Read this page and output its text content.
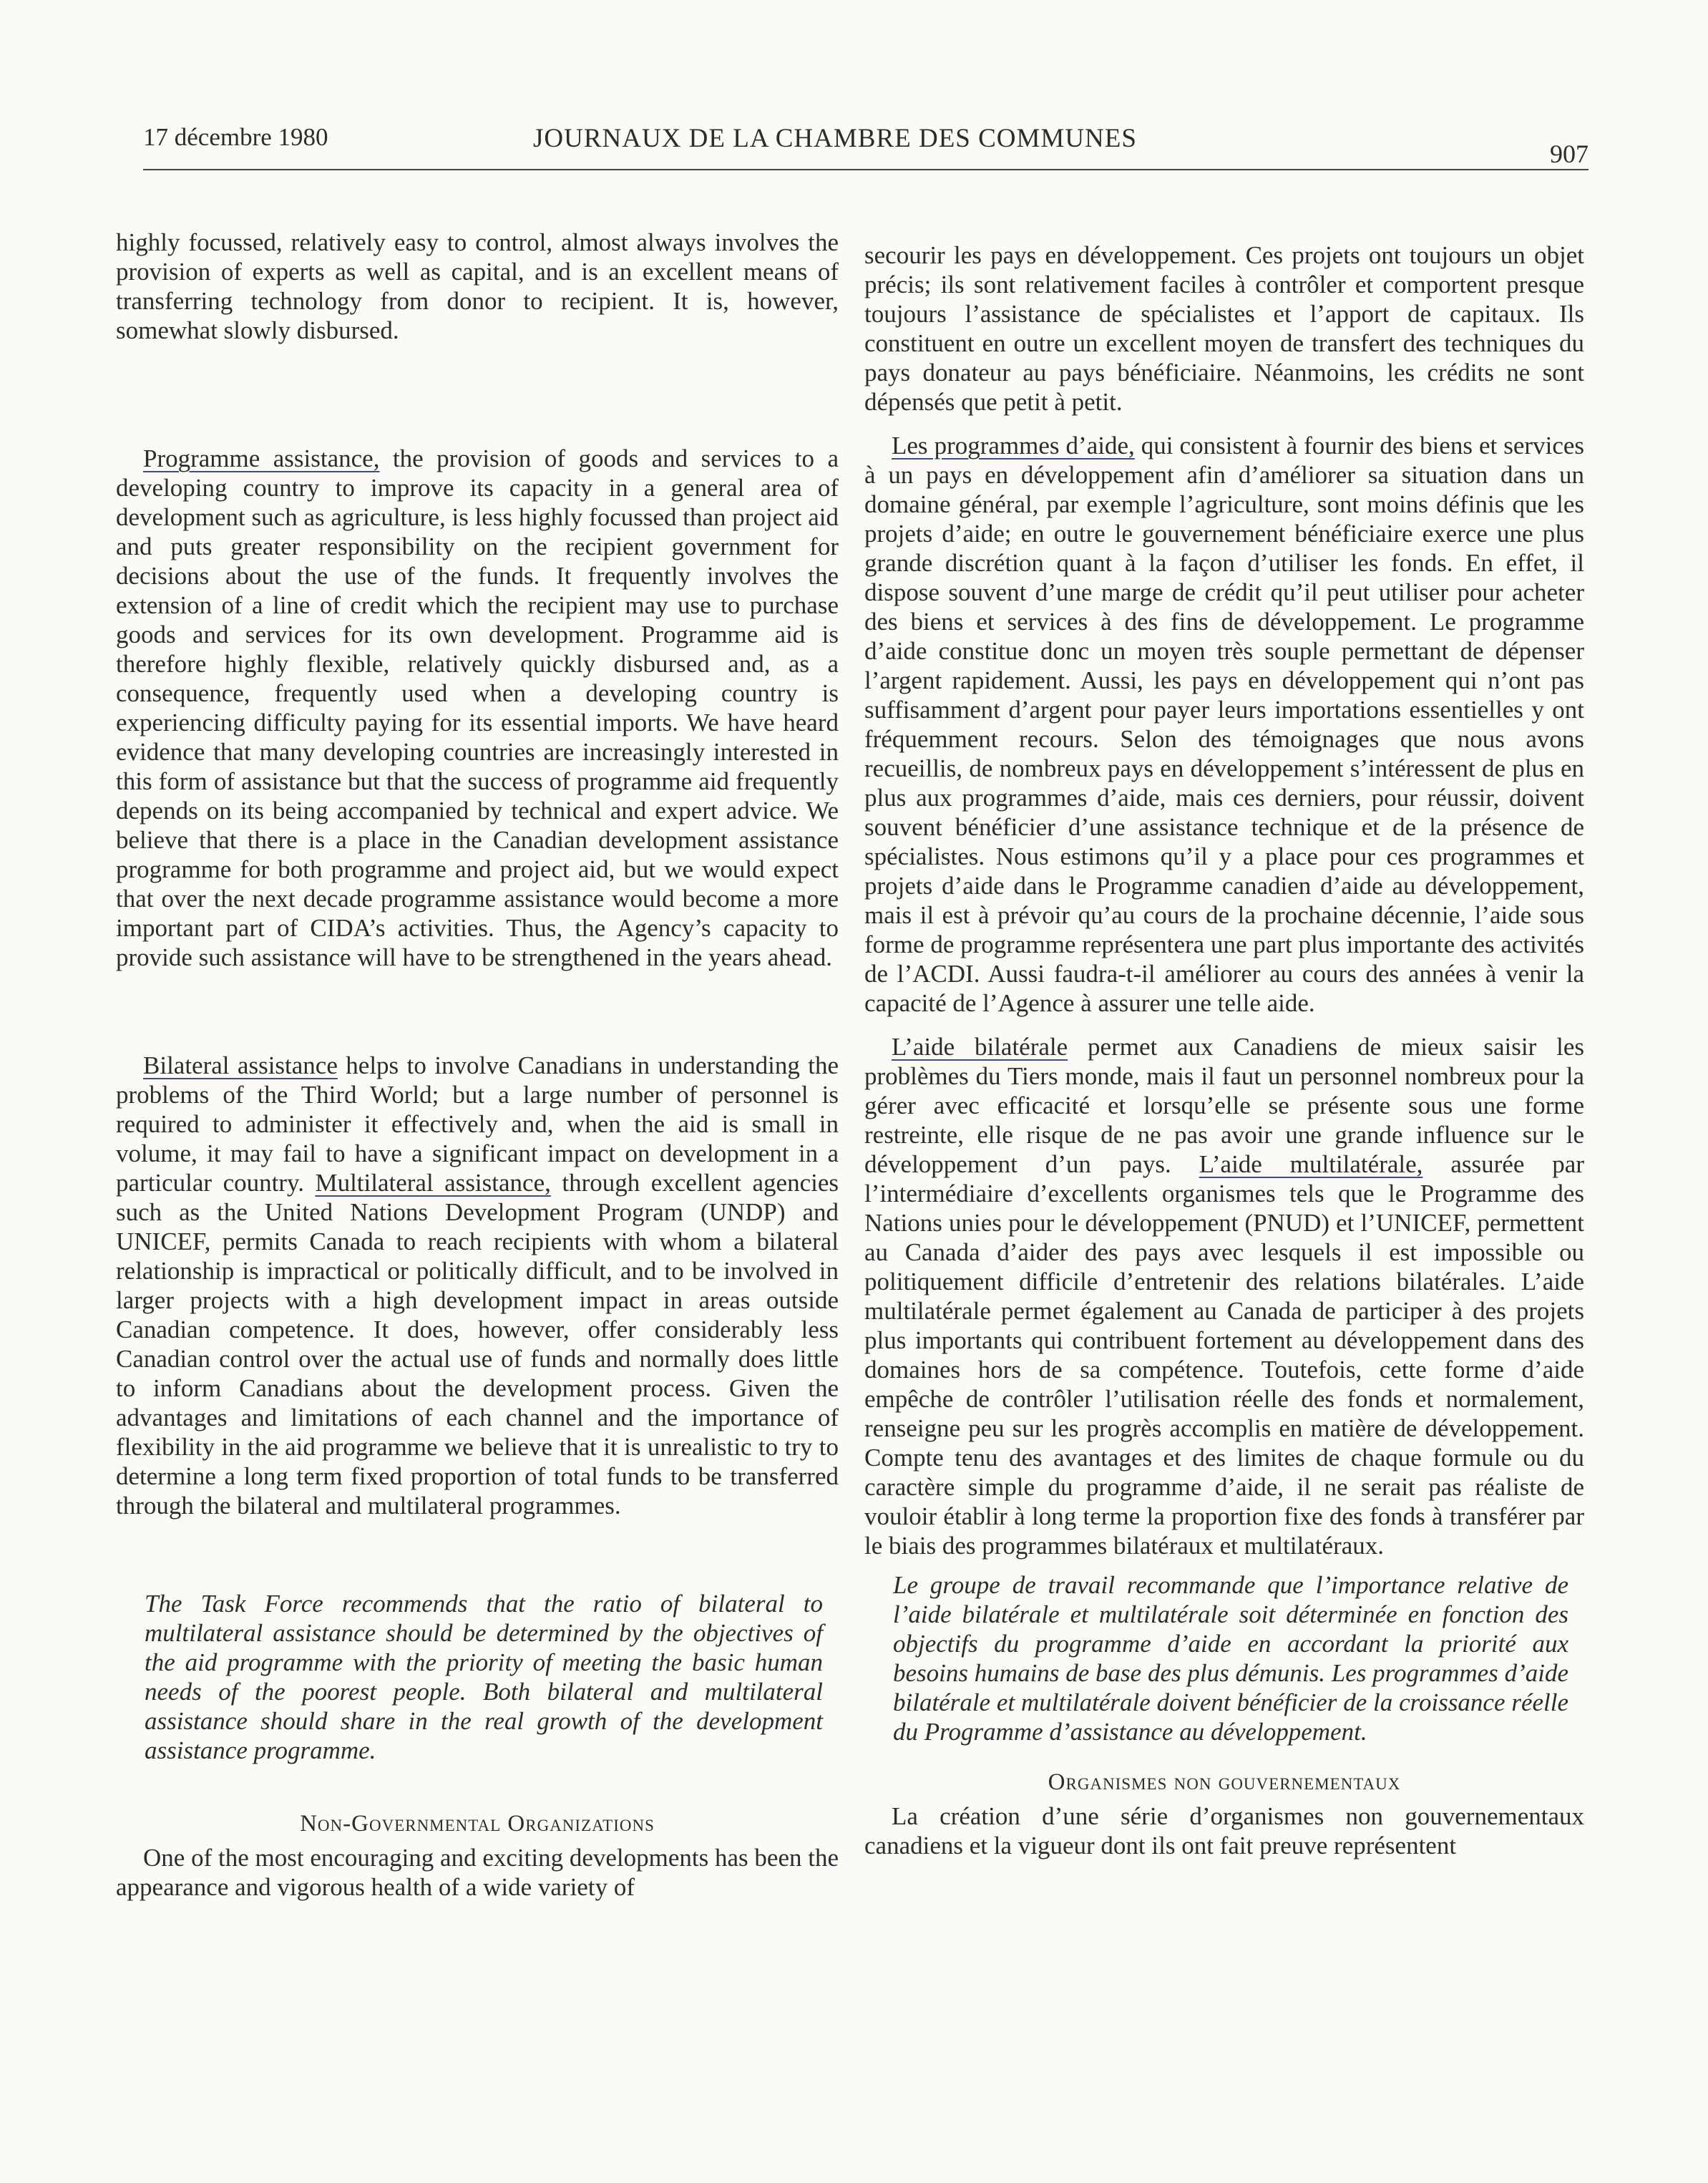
17 décembre 1980	JOURNAUX DE LA CHAMBRE DES COMMUNES
907

highly focussed, relatively easy to control, almost always involves the provision of experts as well as capital, and is an excellent means of transferring technology from donor to recipient. It is, however, somewhat slowly disbursed.

Programme assistance, the provision of goods and services to a developing country to improve its capacity in a general area of development such as agriculture, is less highly focussed than project aid and puts greater responsibility on the recipient government for decisions about the use of the funds. It frequently involves the extension of a line of credit which the recipient may use to purchase goods and services for its own development. Programme aid is therefore highly flexible, relatively quickly disbursed and, as a consequence, frequently used when a developing country is experiencing difficulty paying for its essential imports. We have heard evidence that many developing countries are increasingly interested in this form of assistance but that the success of programme aid frequently depends on its being accompanied by technical and expert advice. We believe that there is a place in the Canadian development assistance programme for both programme and project aid, but we would expect that over the next decade programme assistance would become a more important part of CIDA’s activities. Thus, the Agency’s capacity to provide such assistance will have to be strengthened in the years ahead.

Bilateral assistance helps to involve Canadians in understanding the problems of the Third World; but a large number of personnel is required to administer it effectively and, when the aid is small in volume, it may fail to have a significant impact on development in a particular country. Multilateral assistance, through excellent agencies such as the United Nations Development Program (UNDP) and UNICEF, permits Canada to reach recipients with whom a bilateral relationship is impractical or politically difficult, and to be involved in larger projects with a high development impact in areas outside Canadian competence. It does, however, offer considerably less Canadian control over the actual use of funds and normally does little to inform Canadians about the development process. Given the advantages and limitations of each channel and the importance of flexibility in the aid programme we believe that it is unrealistic to try to determine a long term fixed proportion of total funds to be transferred through the bilateral and multilateral programmes.

The Task Force recommends that the ratio of bilateral to multilateral assistance should be determined by the objectives of the aid programme with the priority of meeting the basic human needs of the poorest people. Both bilateral and multilateral assistance should share in the real growth of the development assistance programme.

Non-Governmental Organizations

One of the most encouraging and exciting developments has been the appearance and vigorous health of a wide variety of

secourir les pays en développement. Ces projets ont toujours un objet précis; ils sont relativement faciles à contrôler et comportent presque toujours l’assistance de spécialistes et l’apport de capitaux. Ils constituent en outre un excellent moyen de transfert des techniques du pays donateur au pays bénéficiaire. Néanmoins, les crédits ne sont dépensés que petit à petit.

Les programmes d’aide, qui consistent à fournir des biens et services à un pays en développement afin d’améliorer sa situation dans un domaine général, par exemple l’agriculture, sont moins définis que les projets d’aide; en outre le gouvernement bénéficiaire exerce une plus grande discrétion quant à la façon d’utiliser les fonds. En effet, il dispose souvent d’une marge de crédit qu’il peut utiliser pour acheter des biens et services à des fins de développement. Le programme d’aide constitue donc un moyen très souple permettant de dépenser l’argent rapidement. Aussi, les pays en développement qui n’ont pas suffisamment d’argent pour payer leurs importations essentielles y ont fréquemment recours. Selon des témoignages que nous avons recueillis, de nombreux pays en développement s’intéressent de plus en plus aux programmes d’aide, mais ces derniers, pour réussir, doivent souvent bénéficier d’une assistance technique et de la présence de spécialistes. Nous estimons qu’il y a place pour ces programmes et projets d’aide dans le Programme canadien d’aide au développement, mais il est à prévoir qu’au cours de la prochaine décennie, l’aide sous forme de programme représentera une part plus importante des activités de l’ACDI. Aussi faudra-t-il améliorer au cours des années à venir la capacité de l’Agence à assurer une telle aide.

L’aide bilatérale permet aux Canadiens de mieux saisir les problèmes du Tiers monde, mais il faut un personnel nombreux pour la gérer avec efficacité et lorsqu’elle se présente sous une forme restreinte, elle risque de ne pas avoir une grande influence sur le développement d’un pays. L’aide multilatérale, assurée par l’intermédiaire d’excellents organismes tels que le Programme des Nations unies pour le développement (PNUD) et l’UNICEF, permettent au Canada d’aider des pays avec lesquels il est impossible ou politiquement difficile d’entretenir des relations bilatérales. L’aide multilatérale permet également au Canada de participer à des projets plus importants qui contribuent fortement au développement dans des domaines hors de sa compétence. Toutefois, cette forme d’aide empêche de contrôler l’utilisation réelle des fonds et normalement, renseigne peu sur les progrès accomplis en matière de développement. Compte tenu des avantages et des limites de chaque formule ou du caractère simple du programme d’aide, il ne serait pas réaliste de vouloir établir à long terme la proportion fixe des fonds à transférer par le biais des programmes bilatéraux et multilatéraux.

Le groupe de travail recommande que l’importance relative de l’aide bilatérale et multilatérale soit déterminée en fonction des objectifs du programme d’aide en accordant la priorité aux besoins humains de base des plus démunis. Les programmes d’aide bilatérale et multilatérale doivent bénéficier de la croissance réelle du Programme d’assistance au développement.

Organismes non gouvernementaux

La création d’une série d’organismes non gouvernementaux canadiens et la vigueur dont ils ont fait preuve représentent
